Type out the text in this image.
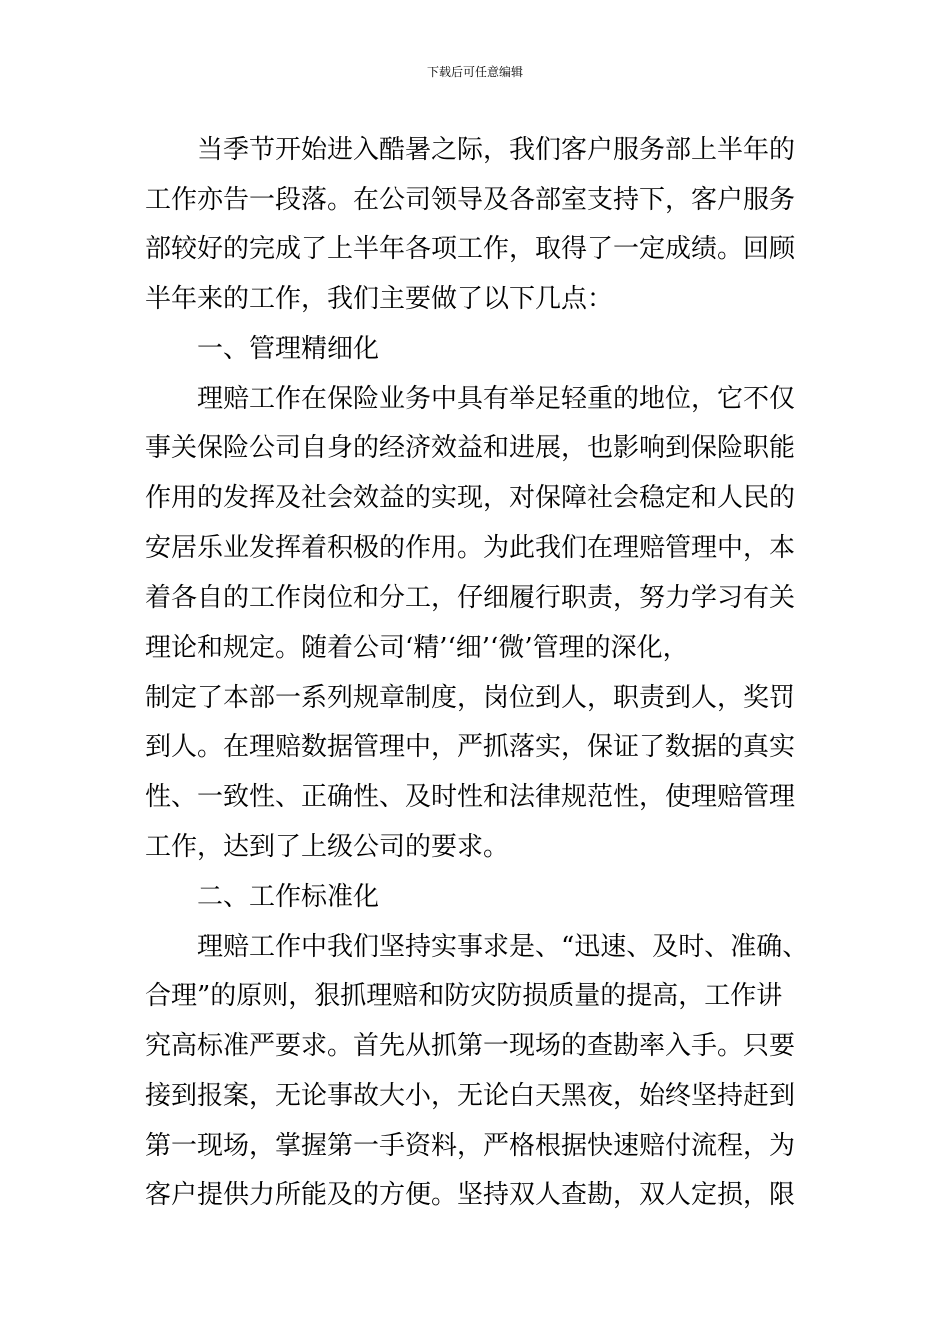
下载后可任意编辑
当季节开始进入酷暑之际，我们客户服务部上半年的
工作亦告一段落。在公司领导及各部室支持下，客户服务
部较好的完成了上半年各项工作，取得了一定成绩。回顾
半年来的工作，我们主要做了以下几点：
一、管理精细化
理赔工作在保险业务中具有举足轻重的地位，它不仅
事关保险公司自身的经济效益和进展，也影响到保险职能
作用的发挥及社会效益的实现，对保障社会稳定和人民的
安居乐业发挥着积极的作用。为此我们在理赔管理中，本
着各自的工作岗位和分工，仔细履行职责，努力学习有关
理论和规定。随着公司‘精’‘细’‘微’管理的深化，
制定了本部一系列规章制度，岗位到人，职责到人，奖罚
到人。在理赔数据管理中，严抓落实，保证了数据的真实
性、一致性、正确性、及时性和法律规范性，使理赔管理
工作，达到了上级公司的要求。
二、工作标准化
理赔工作中我们坚持实事求是、“迅速、及时、准确、
合理”的原则，狠抓理赔和防灾防损质量的提高，工作讲
究高标准严要求。首先从抓第一现场的查勘率入手。只要
接到报案，无论事故大小，无论白天黑夜，始终坚持赶到
第一现场，掌握第一手资料，严格根据快速赔付流程，为
客户提供力所能及的方便。坚持双人查勘，双人定损，限
